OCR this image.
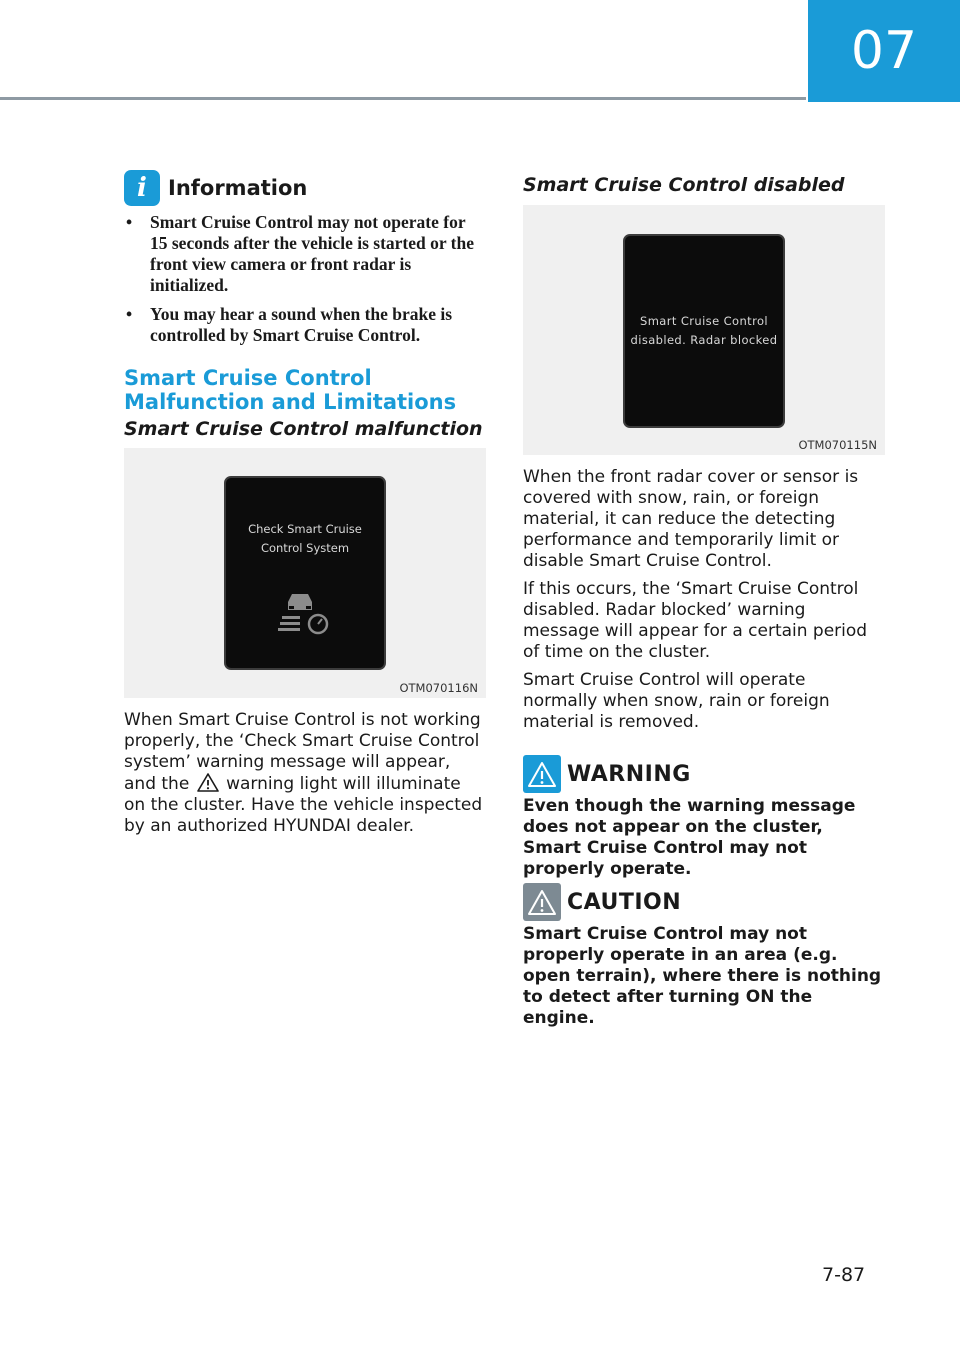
07
i	Information
• Smart Cruise Control may not operate for 15 seconds after the vehicle is started or the front view camera or front radar is initialized.
• You may hear a sound when the brake is controlled by Smart Cruise Control.
Smart Cruise Control
Malfunction and Limitations
Smart Cruise Control malfunction
Check Smart Cruise
Control System
OTM070116N

When Smart Cruise Control is not working properly, the ‘Check Smart Cruise Control system’ warning message will appear, and the warning light will illuminate on the cluster. Have the vehicle inspected by an authorized HYUNDAI dealer.

Smart Cruise Control disabled
Smart Cruise Control
disabled. Radar blocked
OTM070115N

When the front radar cover or sensor is covered with snow, rain, or foreign material, it can reduce the detecting performance and temporarily limit or disable Smart Cruise Control.

If this occurs, the ‘Smart Cruise Control disabled. Radar blocked’ warning message will appear for a certain period of time on the cluster.

Smart Cruise Control will operate normally when snow, rain or foreign material is removed.

WARNING

Even though the warning message does not appear on the cluster, Smart Cruise Control may not properly operate.

CAUTION

Smart Cruise Control may not properly operate in an area (e.g. open terrain), where there is nothing to detect after turning ON the engine.

7-87
